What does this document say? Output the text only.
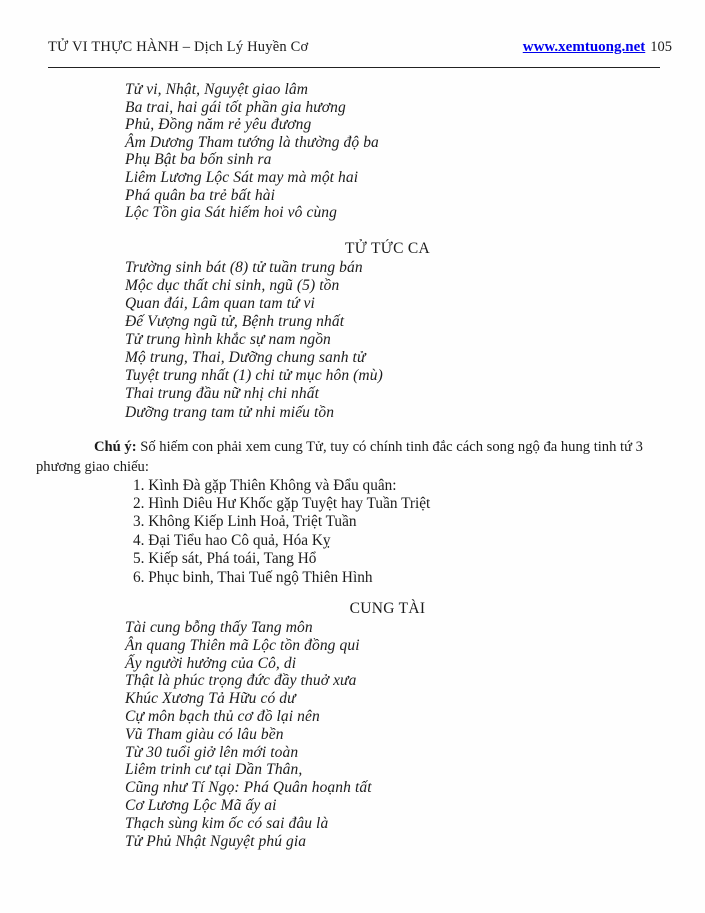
TỬ VI THỰC HÀNH – Dịch Lý Huyền Cơ	www.xemtuong.net 105
Tử vi, Nhật, Nguyệt giao lâm
Ba trai, hai gái tốt phần gia hương
Phủ, Đồng năm rẻ yêu đương
Âm Dương Tham tướng là thường độ ba
Phụ Bật ba bốn sinh ra
Liêm Lương Lộc Sát may mà một hai
Phá quân ba trẻ bất hài
Lộc Tồn gia Sát hiếm hoi vô cùng
TỬ TỨC CA
Trường sinh bát (8) tử tuần trung bán
Mộc dục thất chi sinh, ngũ (5) tồn
Quan đái, Lâm quan tam tứ vi
Đế Vượng ngũ tử, Bệnh trung nhất
Tử trung hình khắc sự nam ngồn
Mộ trung, Thai, Dưỡng chung sanh tử
Tuyệt trung nhất (1) chi tử mục hôn (mù)
Thai trung đầu nữ nhị chi nhất
Dưỡng trang tam tử nhi miếu tồn

Chú ý: Số hiếm con phải xem cung Tử, tuy có chính tinh đắc cách song ngộ đa hung tinh tứ 3 phương giao chiếu:

1. Kình Đà gặp Thiên Không và Đẩu quân:
2. Hình Diêu Hư Khốc gặp Tuyệt hay Tuần Triệt
3. Không Kiếp Linh Hoả, Triệt Tuần
4. Đại Tiểu hao Cô quả, Hóa Kỵ
5. Kiếp sát, Phá toái, Tang Hổ
6. Phục binh, Thai Tuế ngộ Thiên Hình
CUNG TÀI
Tài cung bỗng thấy Tang môn
Ân quang Thiên mã Lộc tồn đồng qui
Ấy người hưởng của Cô, di
Thật là phúc trọng đức đầy thuở xưa
Khúc Xương Tả Hữu có dư
Cự môn bạch thủ cơ đồ lại nên
Vũ Tham giàu có lâu bền
Từ 30 tuổi giở lên mới toàn
Liêm trinh cư tại Dần Thân,
Cũng như Tí Ngọ: Phá Quân hoạnh tất
Cơ Lương Lộc Mã ấy ai
Thạch sùng kim ốc có sai đâu là
Tử Phủ Nhật Nguyệt phú gia
